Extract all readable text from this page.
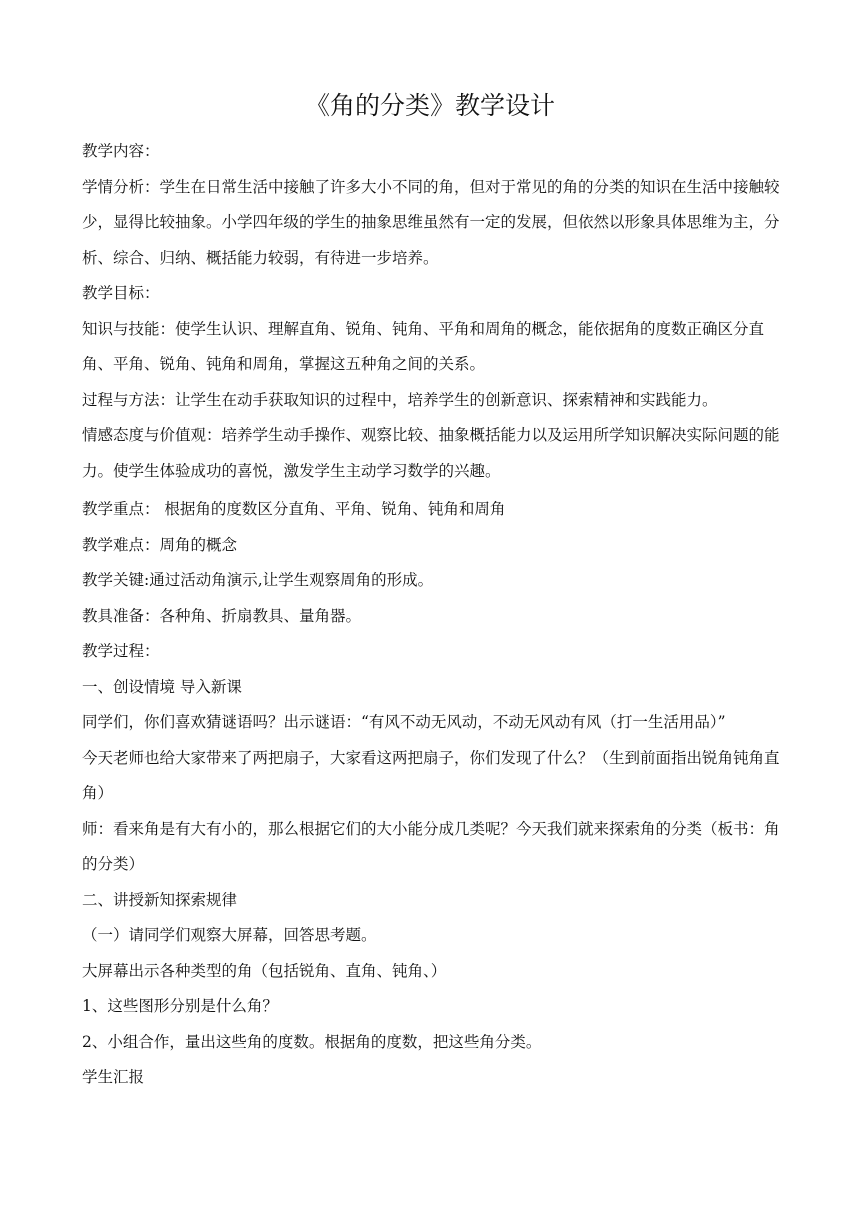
《角的分类》教学设计

教学内容：

学情分析：学生在日常生活中接触了许多大小不同的角，但对于常见的角的分类的知识在生活中接触较少，显得比较抽象。小学四年级的学生的抽象思维虽然有一定的发展，但依然以形象具体思维为主，分析、综合、归纳、概括能力较弱，有待进一步培养。

教学目标：

知识与技能：使学生认识、理解直角、锐角、钝角、平角和周角的概念，能依据角的度数正确区分直角、平角、锐角、钝角和周角，掌握这五种角之间的关系。

过程与方法：让学生在动手获取知识的过程中，培养学生的创新意识、探索精神和实践能力。

情感态度与价值观：培养学生动手操作、观察比较、抽象概括能力以及运用所学知识解决实际问题的能力。使学生体验成功的喜悦，激发学生主动学习数学的兴趣。

教学重点： 根据角的度数区分直角、平角、锐角、钝角和周角

教学难点：周角的概念

教学关键:通过活动角演示,让学生观察周角的形成。

教具准备：各种角、折扇教具、量角器。

教学过程：

一、创设情境 导入新课

同学们，你们喜欢猜谜语吗？出示谜语：“有风不动无风动，不动无风动有风（打一生活用品）”

今天老师也给大家带来了两把扇子，大家看这两把扇子，你们发现了什么？（生到前面指出锐角钝角直角）

师：看来角是有大有小的，那么根据它们的大小能分成几类呢？今天我们就来探索角的分类（板书：角的分类）

二、讲授新知探索规律

（一）请同学们观察大屏幕，回答思考题。

大屏幕出示各种类型的角（包括锐角、直角、钝角、）

1、这些图形分别是什么角？

2、小组合作，量出这些角的度数。根据角的度数，把这些角分类。

学生汇报
